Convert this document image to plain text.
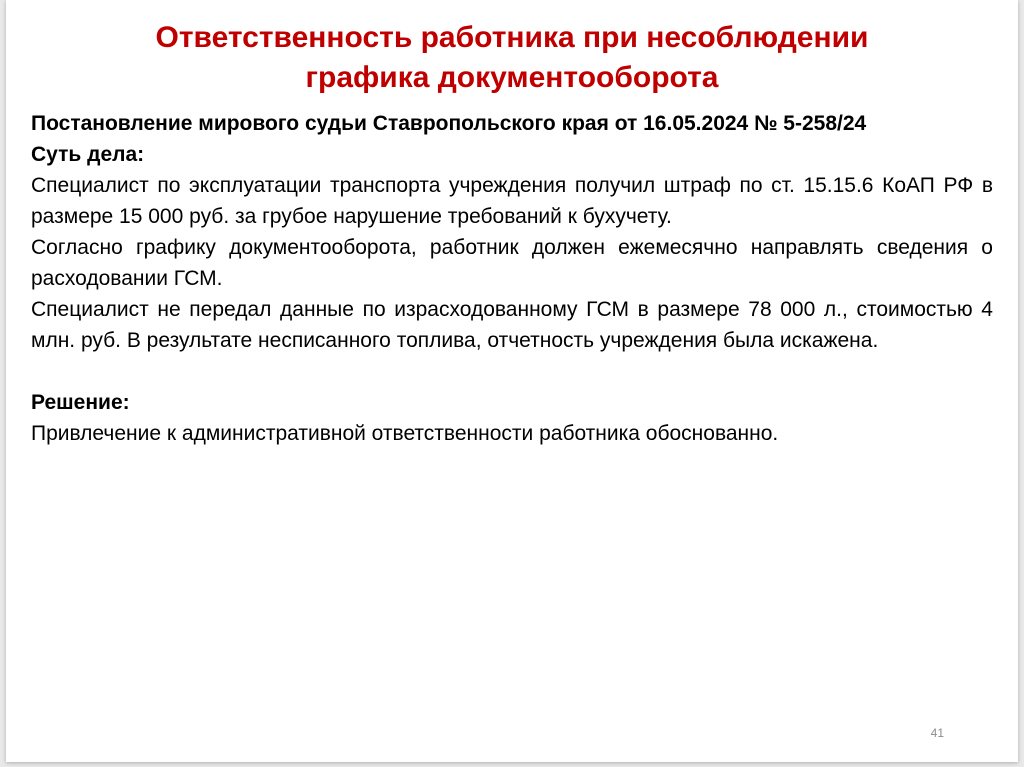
Ответственность работника при несоблюдении
графика документооборота

Постановление мирового судьи Ставропольского края от 16.05.2024 № 5-258/24

Суть дела:

Специалист по эксплуатации транспорта учреждения получил штраф по ст. 15.15.6 КоАП РФ в размере 15 000 руб. за грубое нарушение требований к бухучету.

Согласно графику документооборота, работник должен ежемесячно направлять сведения о расходовании ГСМ.

Специалист не передал данные по израсходованному ГСМ в размере 78 000 л., стоимостью 4 млн. руб. В результате несписанного топлива, отчетность учреждения была искажена.

Решение:

Привлечение к административной ответственности работника обоснованно.

41
